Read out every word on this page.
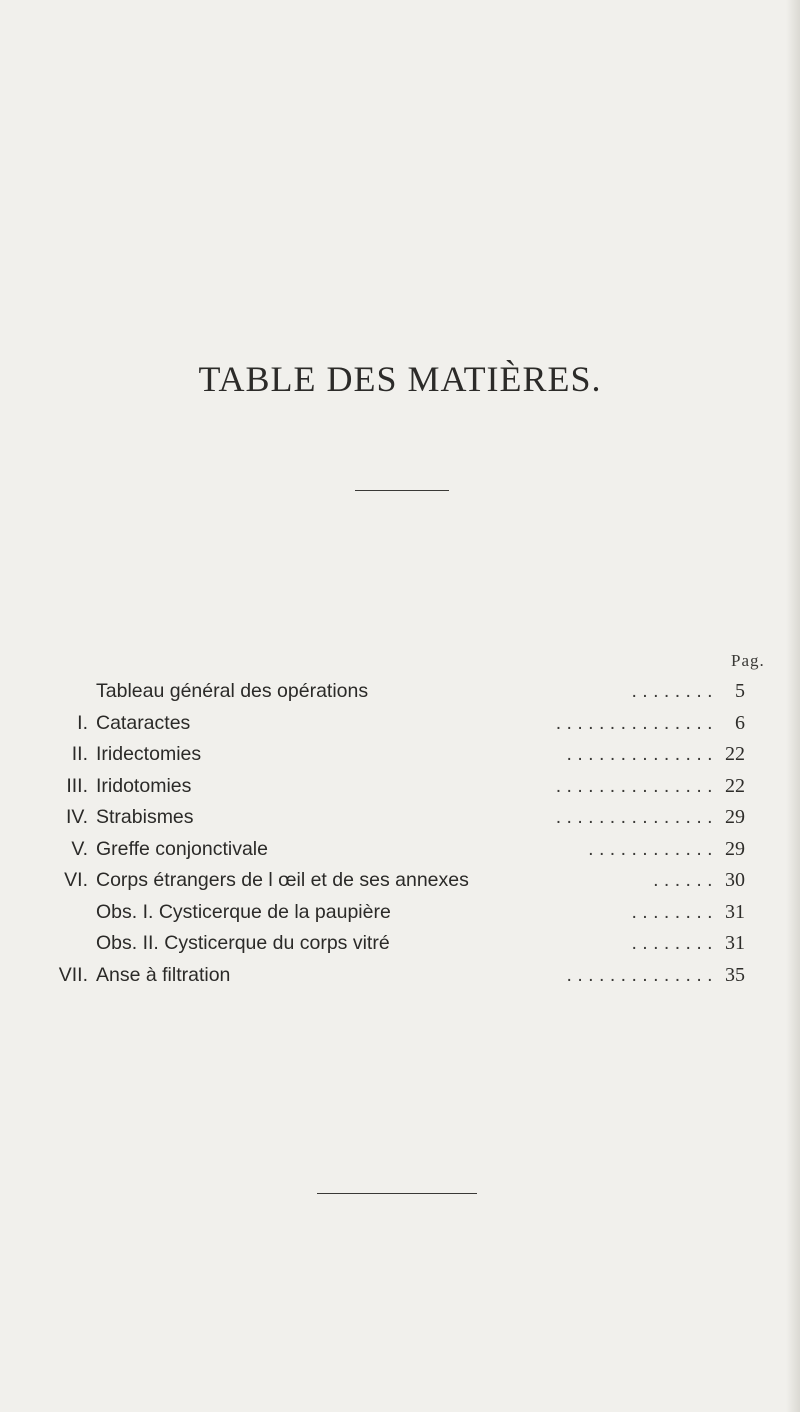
TABLE DES MATIÈRES.
Pag.
Tableau général des opérations	........ 5
I. Cataractes	............... 6
II. Iridectomies	.............. 22
III. Iridotomies	............... 22
IV. Strabismes	............... 29
V. Greffe conjonctivale	............ 29
VI. Corps étrangers de l œil et de ses annexes	...... 30
Obs. I. Cysticerque de la paupière	........ 31
Obs. II. Cysticerque du corps vitré	........ 31
VII. Anse à filtration	.............. 35
